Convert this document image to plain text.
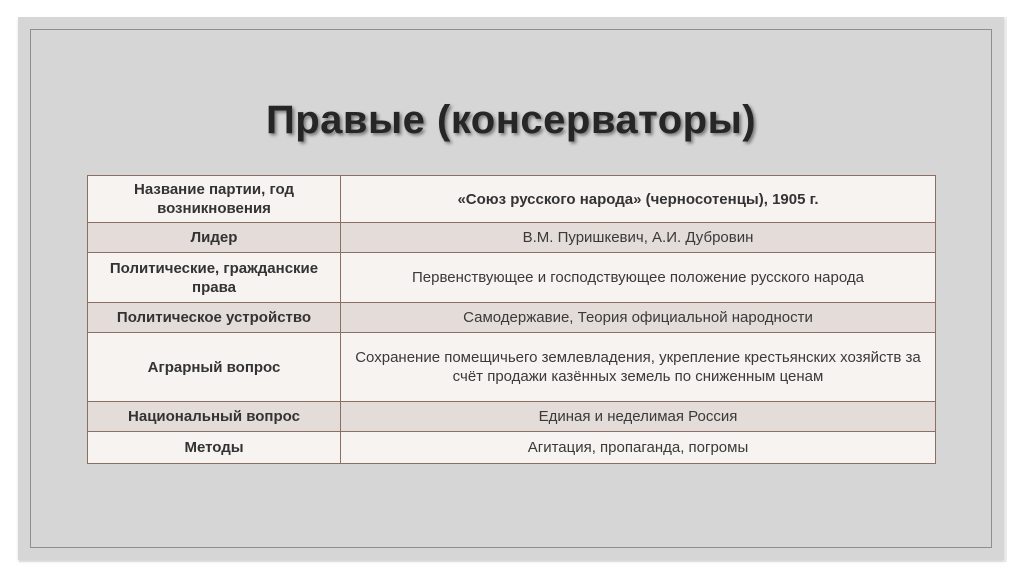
Правые (консерваторы)
Название партии, год возникновения	«Союз русского народа» (черносотенцы), 1905 г.
Лидер	В.М. Пуришкевич, А.И. Дубровин
Политические, гражданские права	Первенствующее и господствующее положение русского народа
Политическое устройство	Самодержавие, Теория официальной народности
Аграрный вопрос	Сохранение помещичьего землевладения, укрепление крестьянских хозяйств за счёт продажи казённых земель по сниженным ценам
Национальный вопрос	Единая и неделимая Россия
Методы	Агитация, пропаганда, погромы
